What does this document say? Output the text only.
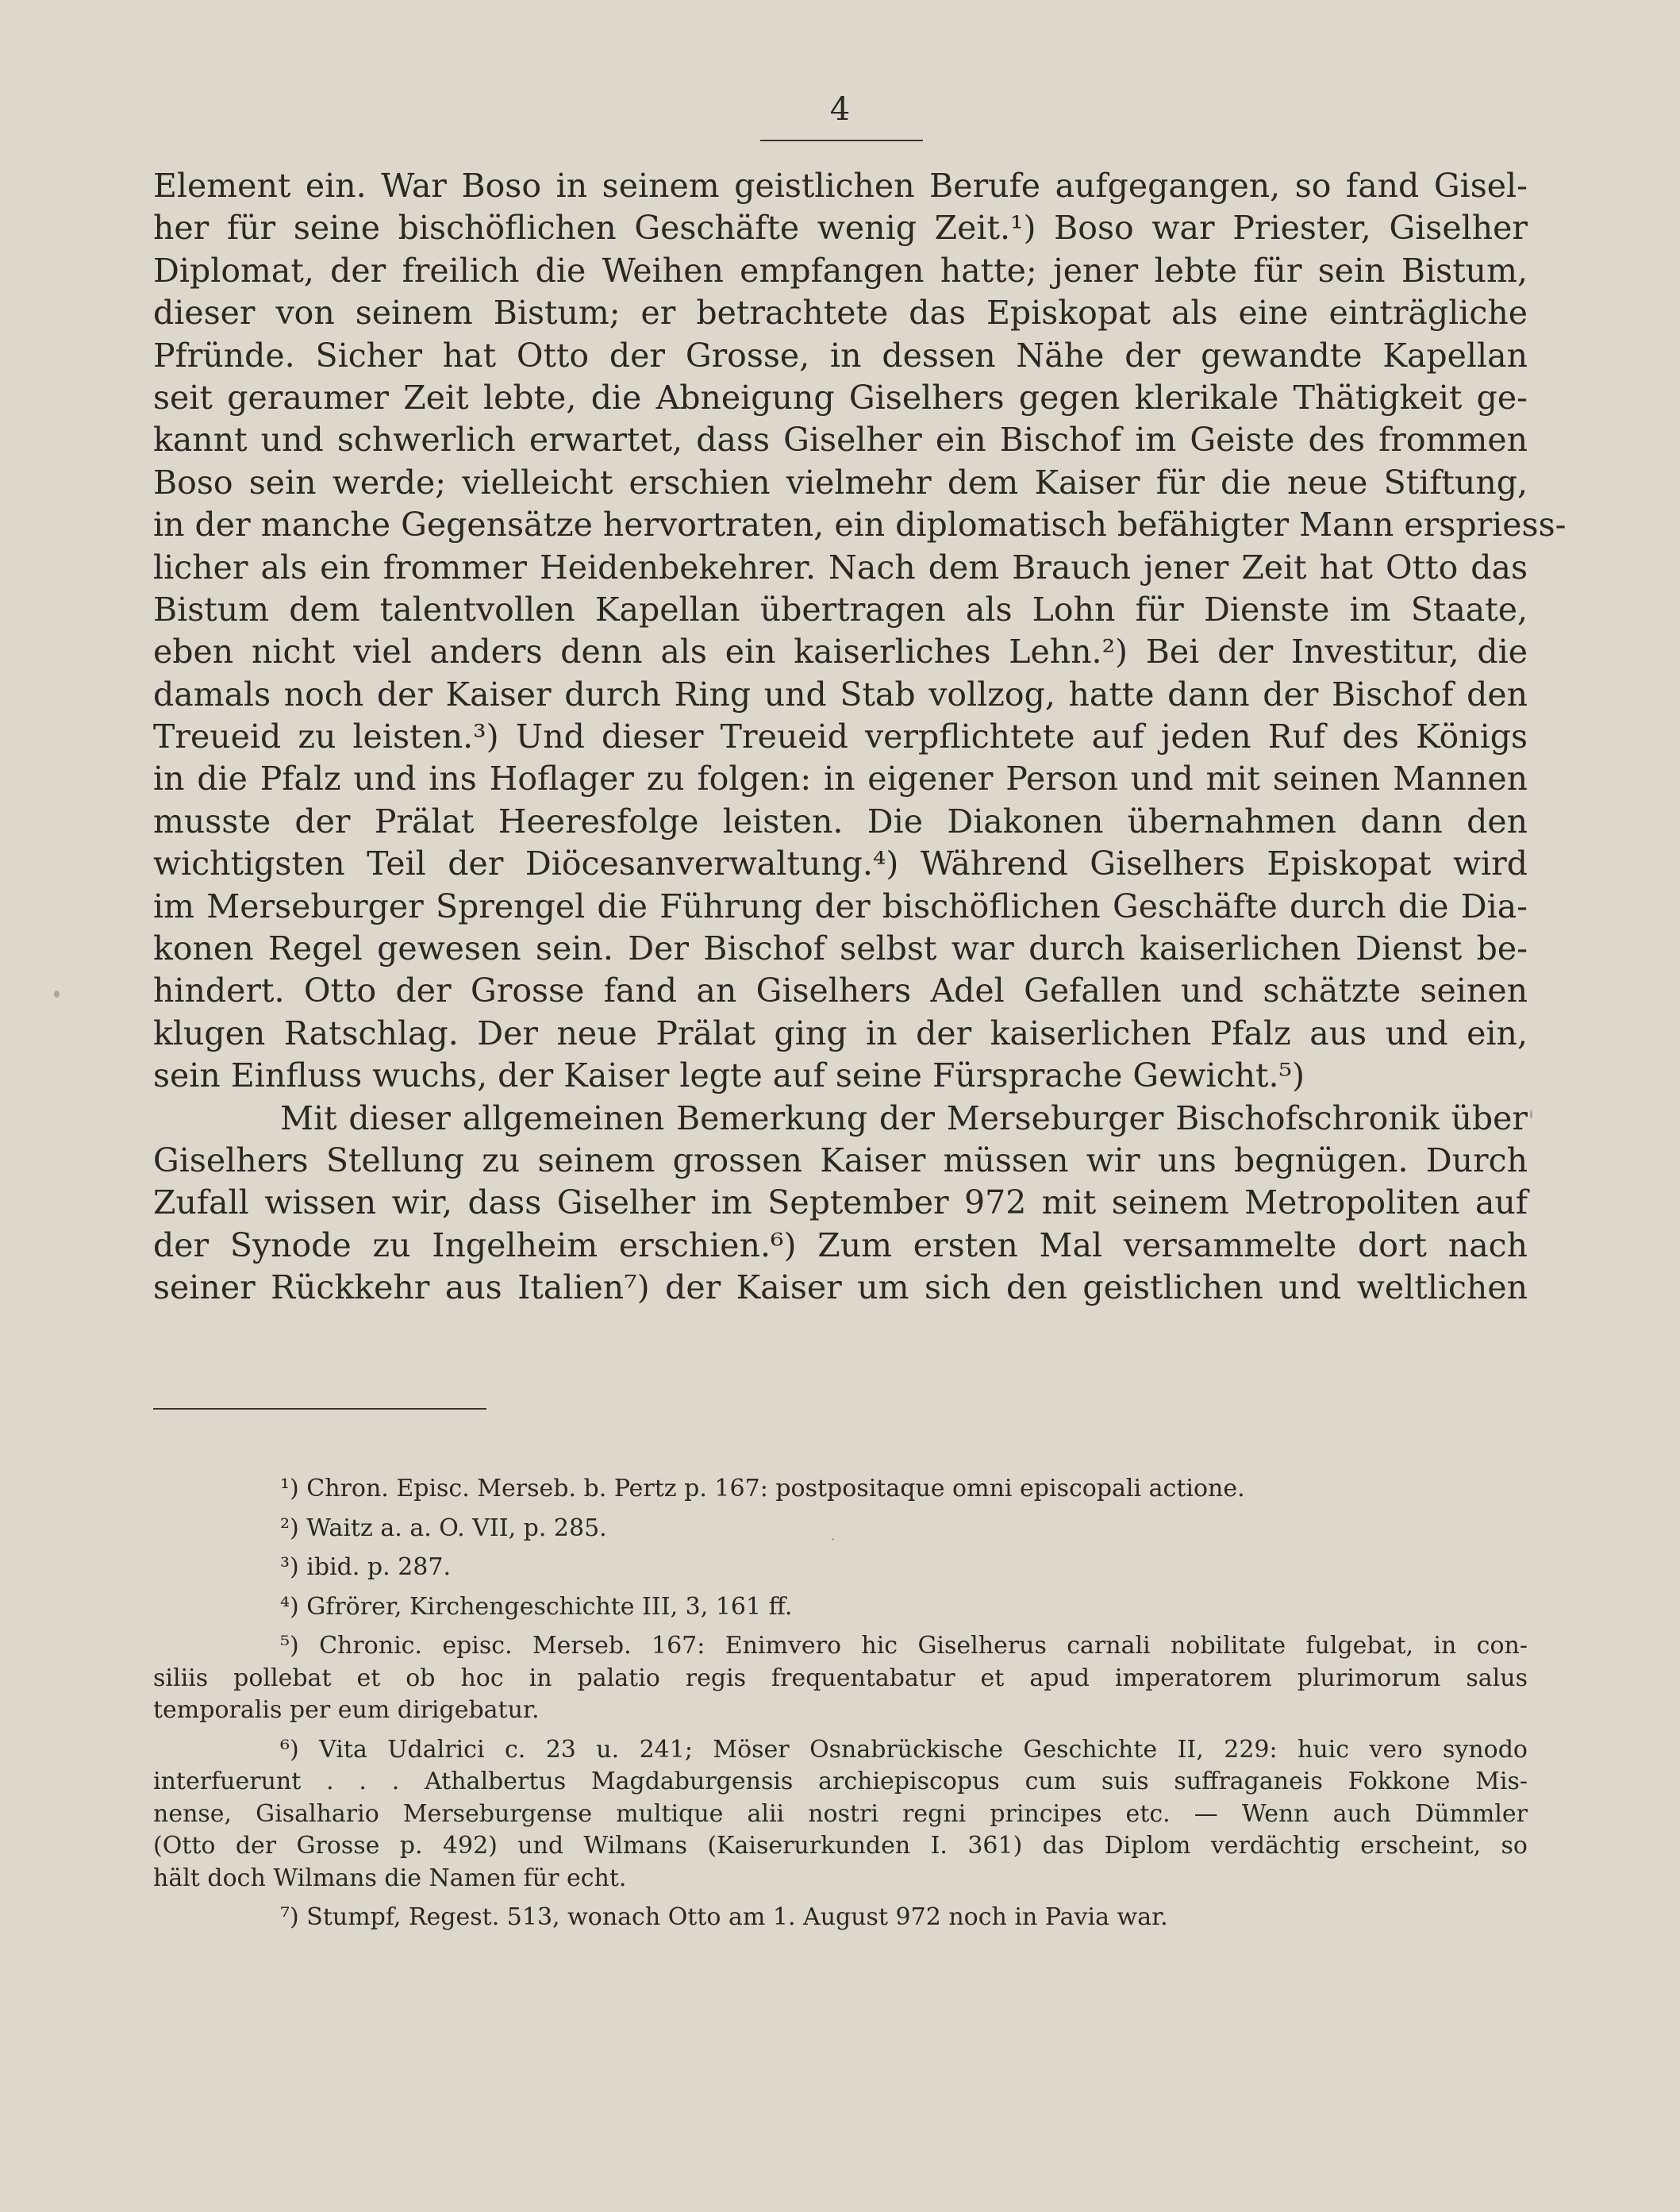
4
Element ein. War Boso in seinem geistlichen Berufe aufgegangen, so fand Gisel-
her für seine bischöflichen Geschäfte wenig Zeit.¹) Boso war Priester, Giselher
Diplomat, der freilich die Weihen empfangen hatte; jener lebte für sein Bistum,
dieser von seinem Bistum; er betrachtete das Episkopat als eine einträgliche
Pfründe. Sicher hat Otto der Grosse, in dessen Nähe der gewandte Kapellan
seit geraumer Zeit lebte, die Abneigung Giselhers gegen klerikale Thätigkeit ge-
kannt und schwerlich erwartet, dass Giselher ein Bischof im Geiste des frommen
Boso sein werde; vielleicht erschien vielmehr dem Kaiser für die neue Stiftung,
in der manche Gegensätze hervortraten, ein diplomatisch befähigter Mann erspriess-
licher als ein frommer Heidenbekehrer. Nach dem Brauch jener Zeit hat Otto das
Bistum dem talentvollen Kapellan übertragen als Lohn für Dienste im Staate,
eben nicht viel anders denn als ein kaiserliches Lehn.²) Bei der Investitur, die
damals noch der Kaiser durch Ring und Stab vollzog, hatte dann der Bischof den
Treueid zu leisten.³) Und dieser Treueid verpflichtete auf jeden Ruf des Königs
in die Pfalz und ins Hoflager zu folgen: in eigener Person und mit seinen Mannen
musste der Prälat Heeresfolge leisten. Die Diakonen übernahmen dann den
wichtigsten Teil der Diöcesanverwaltung.⁴) Während Giselhers Episkopat wird
im Merseburger Sprengel die Führung der bischöflichen Geschäfte durch die Dia-
konen Regel gewesen sein. Der Bischof selbst war durch kaiserlichen Dienst be-
hindert. Otto der Grosse fand an Giselhers Adel Gefallen und schätzte seinen
klugen Ratschlag. Der neue Prälat ging in der kaiserlichen Pfalz aus und ein,
sein Einfluss wuchs, der Kaiser legte auf seine Fürsprache Gewicht.⁵)
Mit dieser allgemeinen Bemerkung der Merseburger Bischofschronik über
Giselhers Stellung zu seinem grossen Kaiser müssen wir uns begnügen. Durch
Zufall wissen wir, dass Giselher im September 972 mit seinem Metropoliten auf
der Synode zu Ingelheim erschien.⁶) Zum ersten Mal versammelte dort nach
seiner Rückkehr aus Italien⁷) der Kaiser um sich den geistlichen und weltlichen
¹) Chron. Episc. Merseb. b. Pertz p. 167: postpositaque omni episcopali actione.
²) Waitz a. a. O. VII, p. 285.
³) ibid. p. 287.
⁴) Gfrörer, Kirchengeschichte III, 3, 161 ff.
⁵) Chronic. episc. Merseb. 167: Enimvero hic Giselherus carnali nobilitate fulgebat, in con-
siliis pollebat et ob hoc in palatio regis frequentabatur et apud imperatorem plurimorum salus
temporalis per eum dirigebatur.
⁶) Vita Udalrici c. 23 u. 241; Möser Osnabrückische Geschichte II, 229: huic vero synodo
interfuerunt . . . Athalbertus Magdaburgensis archiepiscopus cum suis suffraganeis Fokkone Mis-
nense, Gisalhario Merseburgense multique alii nostri regni principes etc. — Wenn auch Dümmler
(Otto der Grosse p. 492) und Wilmans (Kaiserurkunden I. 361) das Diplom verdächtig erscheint, so
hält doch Wilmans die Namen für echt.
⁷) Stumpf, Regest. 513, wonach Otto am 1. August 972 noch in Pavia war.
